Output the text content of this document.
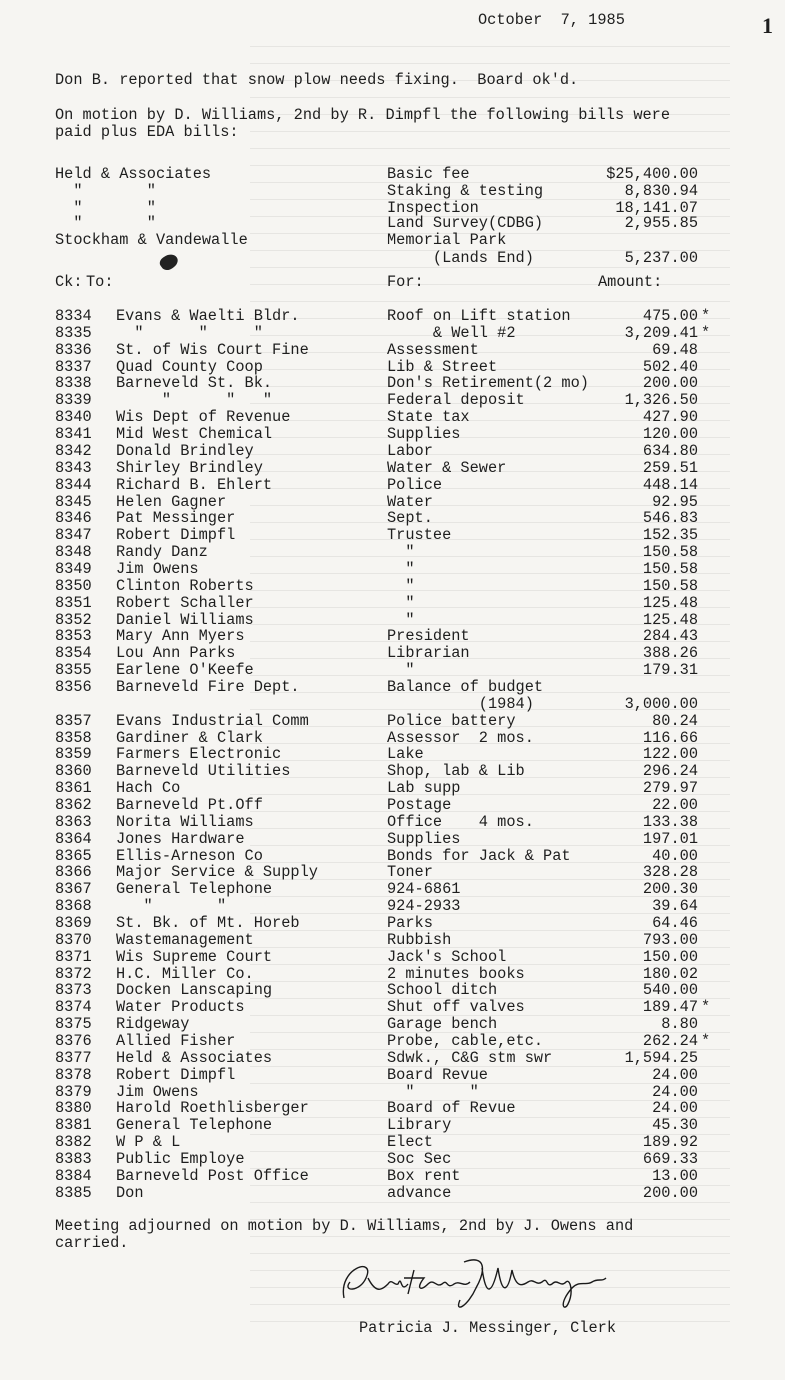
October  7, 1985	1
Don B. reported that snow plow needs fixing.  Board ok'd.
On motion by D. Williams, 2nd by R. Dimpfl the following bills were paid plus EDA bills:
Held & Associates	Basic fee	$25,400.00
"       "	Staking & testing	8,830.94
"       "	Inspection	18,141.07
"       "	Land Survey(CDBG)	2,955.85
Stockham & Vandewalle	Memorial Park
(Lands End)	5,237.00
Ck: To:	For:	Amount:
8334 Evans & Waelti Bldr.	Roof on Lift station	475.00 *
8335 "      "     "	& Well #2	3,209.41 *
8336 St. of Wis Court Fine	Assessment	69.48
8337 Quad County Coop	Lib & Street	502.40
8338 Barneveld St. Bk.	Don's Retirement(2 mo)	200.00
8339 "      "   "	Federal deposit	1,326.50
8340 Wis Dept of Revenue	State tax	427.90
8341 Mid West Chemical	Supplies	120.00
8342 Donald Brindley	Labor	634.80
8343 Shirley Brindley	Water & Sewer	259.51
8344 Richard B. Ehlert	Police	448.14
8345 Helen Gagner	Water	92.95
8346 Pat Messinger	Sept.	546.83
8347 Robert Dimpfl	Trustee	152.35
8348 Randy Danz	"	150.58
8349 Jim Owens	"	150.58
8350 Clinton Roberts	"	150.58
8351 Robert Schaller	"	125.48
8352 Daniel Williams	"	125.48
8353 Mary Ann Myers	President	284.43
8354 Lou Ann Parks	Librarian	388.26
8355 Earlene O'Keefe	"	179.31
8356 Barneveld Fire Dept.	Balance of budget
(1984)	3,000.00
8357 Evans Industrial Comm	Police battery	80.24
8358 Gardiner & Clark	Assessor  2 mos.	116.66
8359 Farmers Electronic	Lake	122.00
8360 Barneveld Utilities	Shop, lab & Lib	296.24
8361 Hach Co	Lab supp	279.97
8362 Barneveld Pt.Off	Postage	22.00
8363 Norita Williams	Office    4 mos.	133.38
8364 Jones Hardware	Supplies	197.01
8365 Ellis-Arneson Co	Bonds for Jack & Pat	40.00
8366 Major Service & Supply	Toner	328.28
8367 General Telephone	924-6861	200.30
8368 "       "	924-2933	39.64
8369 St. Bk. of Mt. Horeb	Parks	64.46
8370 Wastemanagement	Rubbish	793.00
8371 Wis Supreme Court	Jack's School	150.00
8372 H.C. Miller Co.	2 minutes books	180.02
8373 Docken Lanscaping	School ditch	540.00
8374 Water Products	Shut off valves	189.47 *
8375 Ridgeway	Garage bench	8.80
8376 Allied Fisher	Probe, cable,etc.	262.24 *
8377 Held & Associates	Sdwk., C&G stm swr	1,594.25
8378 Robert Dimpfl	Board Revue	24.00
8379 Jim Owens	"      "	24.00
8380 Harold Roethlisberger	Board of Revue	24.00
8381 General Telephone	Library	45.30
8382 W P & L	Elect	189.92
8383 Public Employe	Soc Sec	669.33
8384 Barneveld Post Office	Box rent	13.00
8385 Don	advance	200.00
Meeting adjourned on motion by D. Williams, 2nd by J. Owens and carried.
Patricia J. Messinger, Clerk
